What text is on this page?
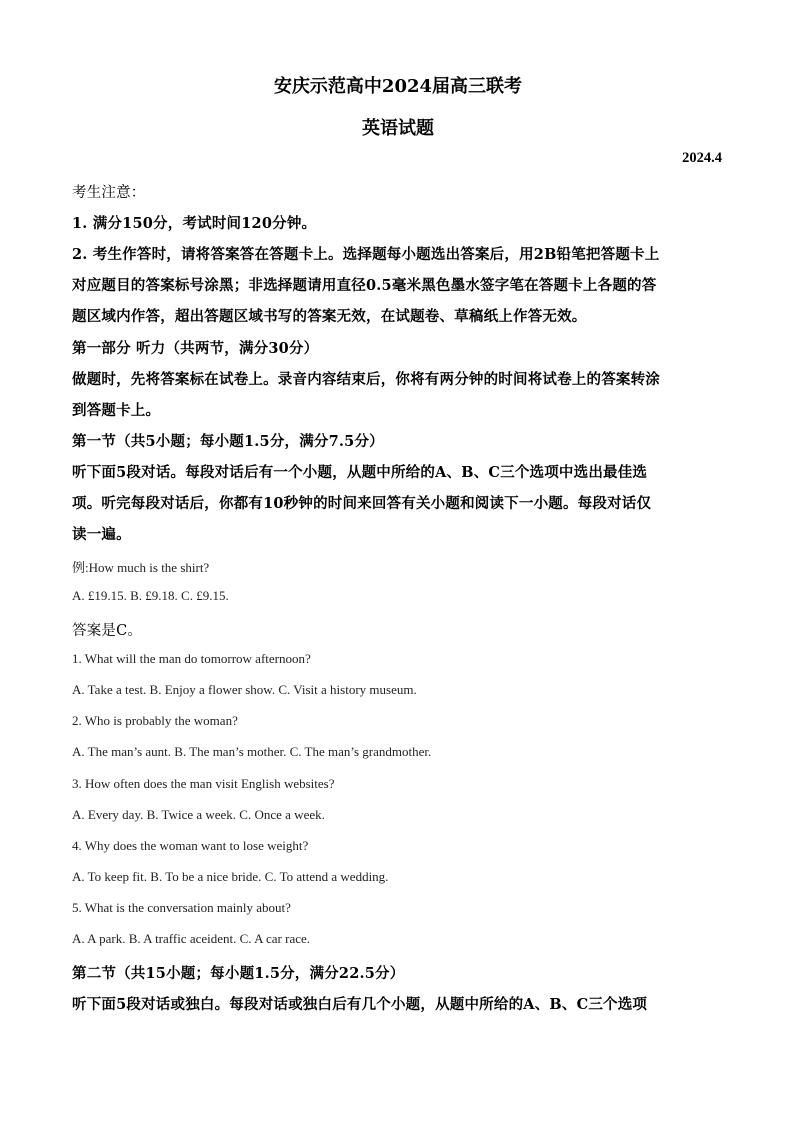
安庆示范高中2024届高三联考
英语试题
2024.4
考生注意：
1. 满分150分，考试时间120分钟。
2. 考生作答时，请将答案答在答题卡上。选择题每小题选出答案后，用2B铅笔把答题卡上
对应题目的答案标号涂黑；非选择题请用直径0.5毫米黑色墨水签字笔在答题卡上各题的答
题区域内作答，超出答题区域书写的答案无效，在试题卷、草稿纸上作答无效。
第一部分 听力（共两节，满分30分）
做题时，先将答案标在试卷上。录音内容结束后，你将有两分钟的时间将试卷上的答案转涂
到答题卡上。
第一节（共5小题；每小题1.5分，满分7.5分）
听下面5段对话。每段对话后有一个小题，从题中所给的A、B、C三个选项中选出最佳选
项。听完每段对话后，你都有10秒钟的时间来回答有关小题和阅读下一小题。每段对话仅
读一遍。
例:How much is the shirt?
A. £19.15. B. £9.18. C. £9.15.
答案是C。
1. What will the man do tomorrow afternoon?
A. Take a test. B. Enjoy a flower show. C. Visit a history museum.
2. Who is probably the woman?
A. The man’s aunt. B. The man’s mother. C. The man’s grandmother.
3. How often does the man visit English websites?
A. Every day. B. Twice a week. C. Once a week.
4. Why does the woman want to lose weight?
A. To keep fit. B. To be a nice bride. C. To attend a wedding.
5. What is the conversation mainly about?
A. A park. B. A traffic aceident. C. A car race.
第二节（共15小题；每小题1.5分，满分22.5分）
听下面5段对话或独白。每段对话或独白后有几个小题，从题中所给的A、B、C三个选项
